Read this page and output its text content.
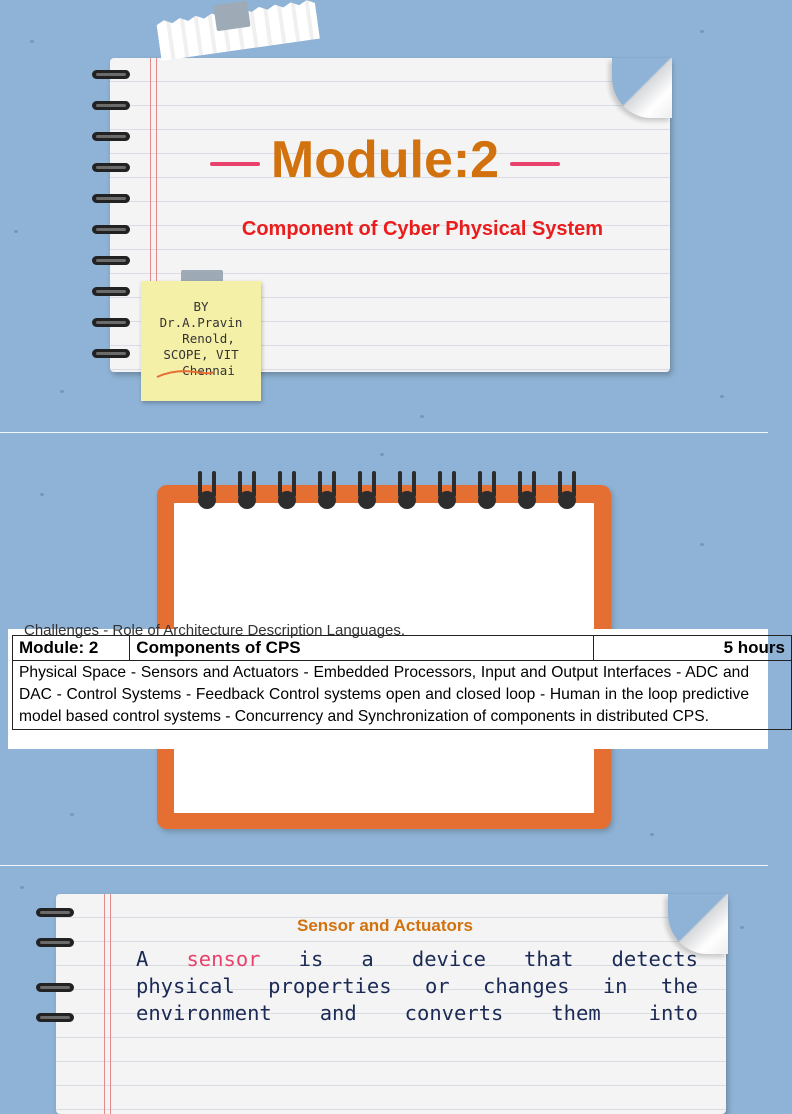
Module:2
Component of Cyber Physical System
BY
Dr.A.Pravin
Renold,
SCOPE, VIT
Chennai
Challenges - Role of Architecture Description Languages.
Module: 2	Components of CPS	5 hours
Physical Space - Sensors and Actuators - Embedded Processors, Input and Output Interfaces - ADC and DAC - Control Systems - Feedback Control systems open and closed loop - Human in the loop predictive model based control systems - Concurrency and Synchronization of components in distributed CPS.
Sensor and Actuators
A sensor is a device that detects
physical properties or changes in the
environment and converts them into
